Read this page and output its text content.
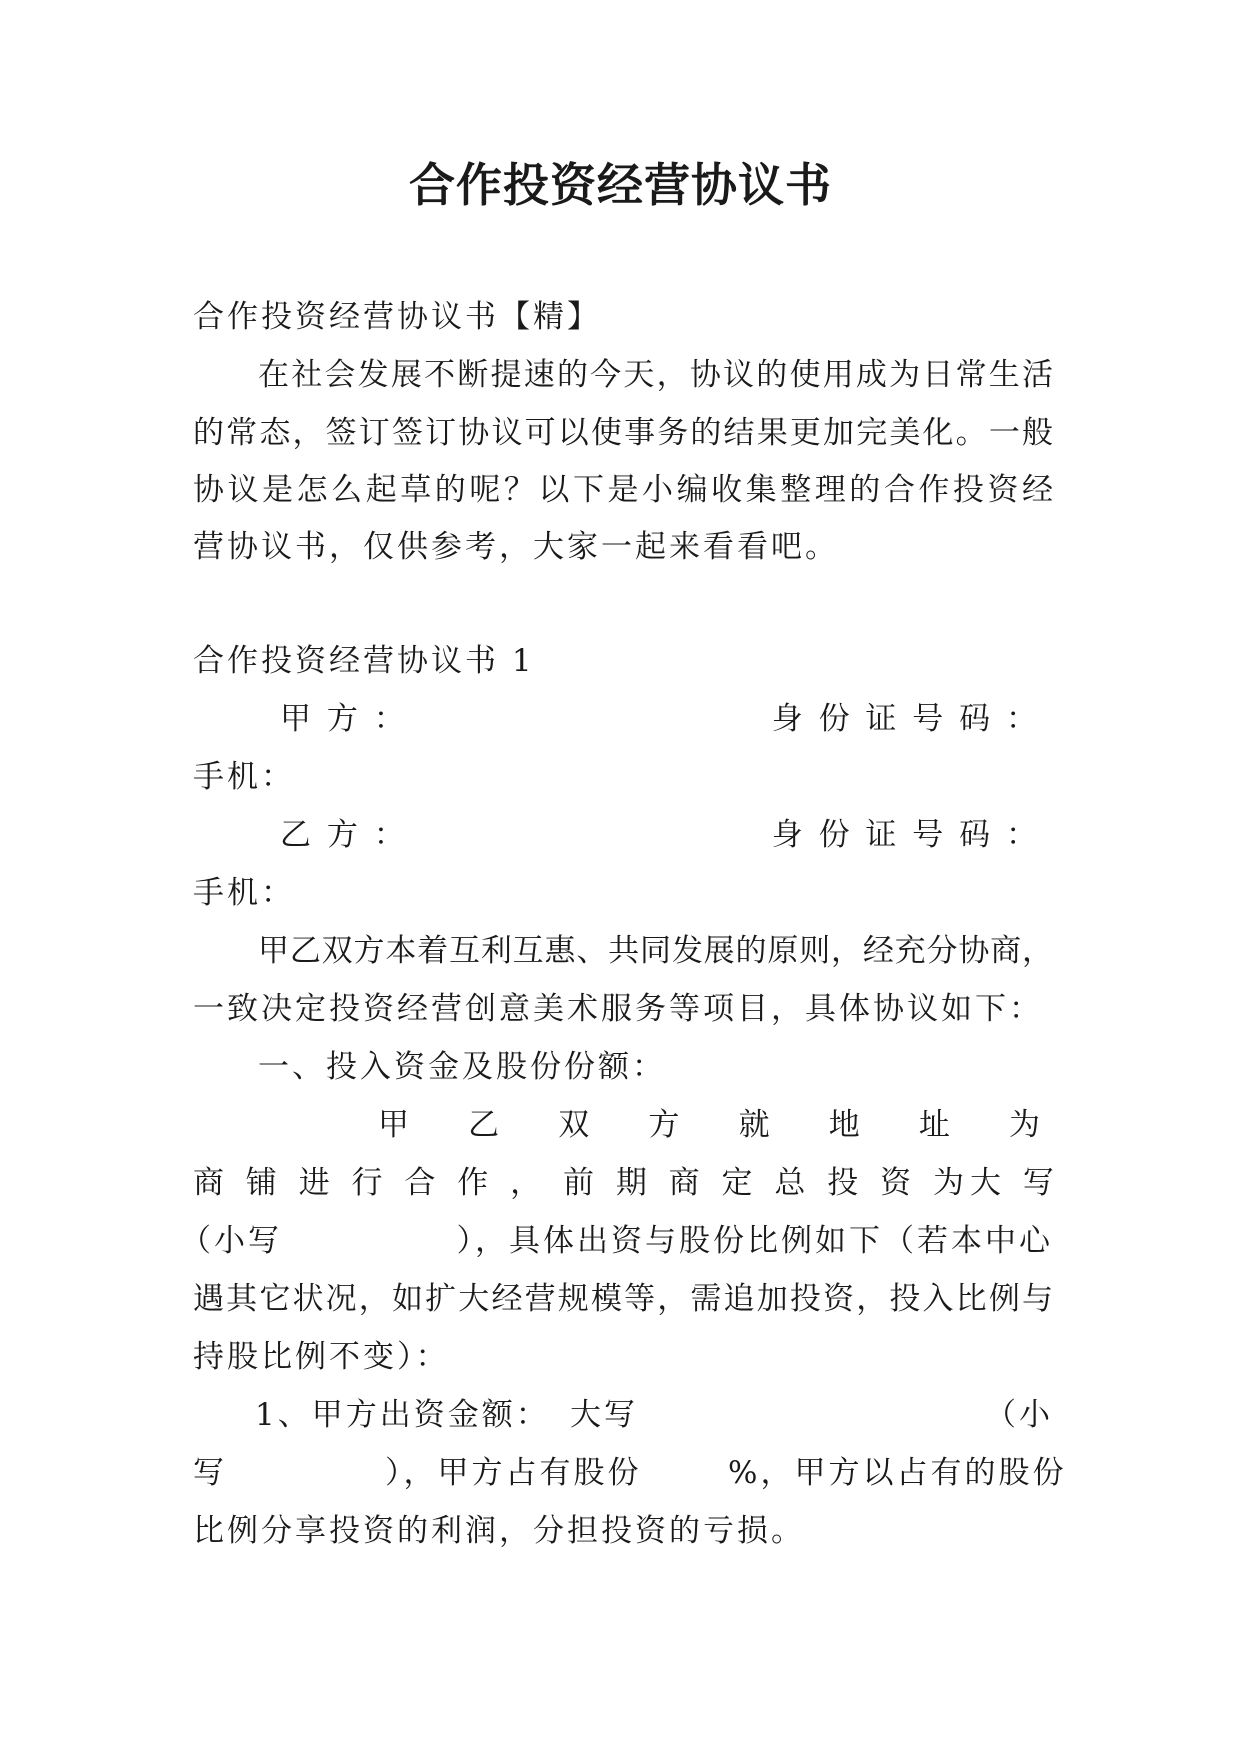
合作投资经营协议书
合作投资经营协议书【精】
在社会发展不断提速的今天，协议的使用成为日常生活
的常态，签订签订协议可以使事务的结果更加完美化。一般
协议是怎么起草的呢？以下是小编收集整理的合作投资经
营协议书，仅供参考，大家一起来看看吧。
合作投资经营协议书 1
甲 方 ：	身 份 证 号 码 ：
手机：
乙 方 ：	身 份 证 号 码 ：
手机：
甲乙双方本着互利互惠、共同发展的原则，经充分协商，
一致决定投资经营创意美术服务等项目，具体协议如下：
一、投入资金及股份份额：
甲 乙 双 方 就 地 址 为
商 铺 进 行 合 作 ， 前 期 商 定 总 投 资 为 大 写
（小写	），具体出资与股份比例如下（若本中心
遇其它状况，如扩大经营规模等，需追加投资，投入比例与
持股比例不变）：
1、甲方出资金额： 大写	（小
写	），甲方占有股份	%，甲方以占有的股份
比例分享投资的利润，分担投资的亏损。
